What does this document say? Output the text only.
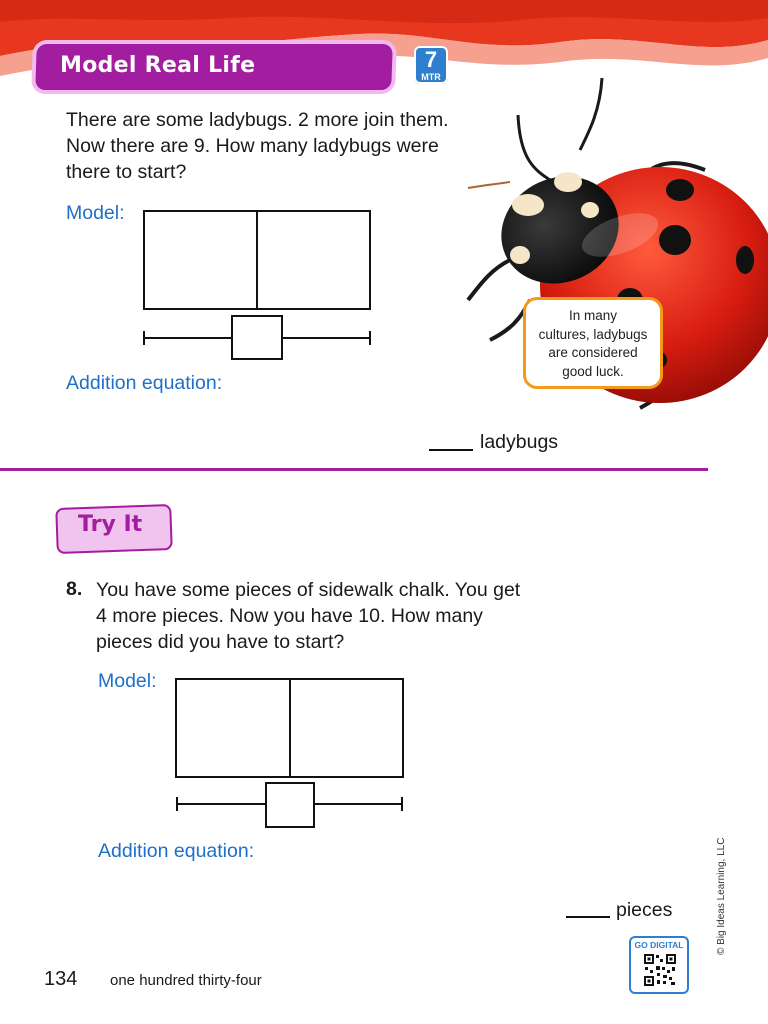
Model Real Life	7
MTR
There are some ladybugs. 2 more join them.
Now there are 9. How many ladybugs were
there to start?
Model:
Addition equation:
ladybugs
In many
cultures, ladybugs
are considered
good luck.
Try It
8. You have some pieces of sidewalk chalk. You get
4 more pieces. Now you have 10. How many
pieces did you have to start?
Model:
Addition equation:
pieces	© Big Ideas Learning, LLC
GO DIGITAL
134 one hundred thirty-four
